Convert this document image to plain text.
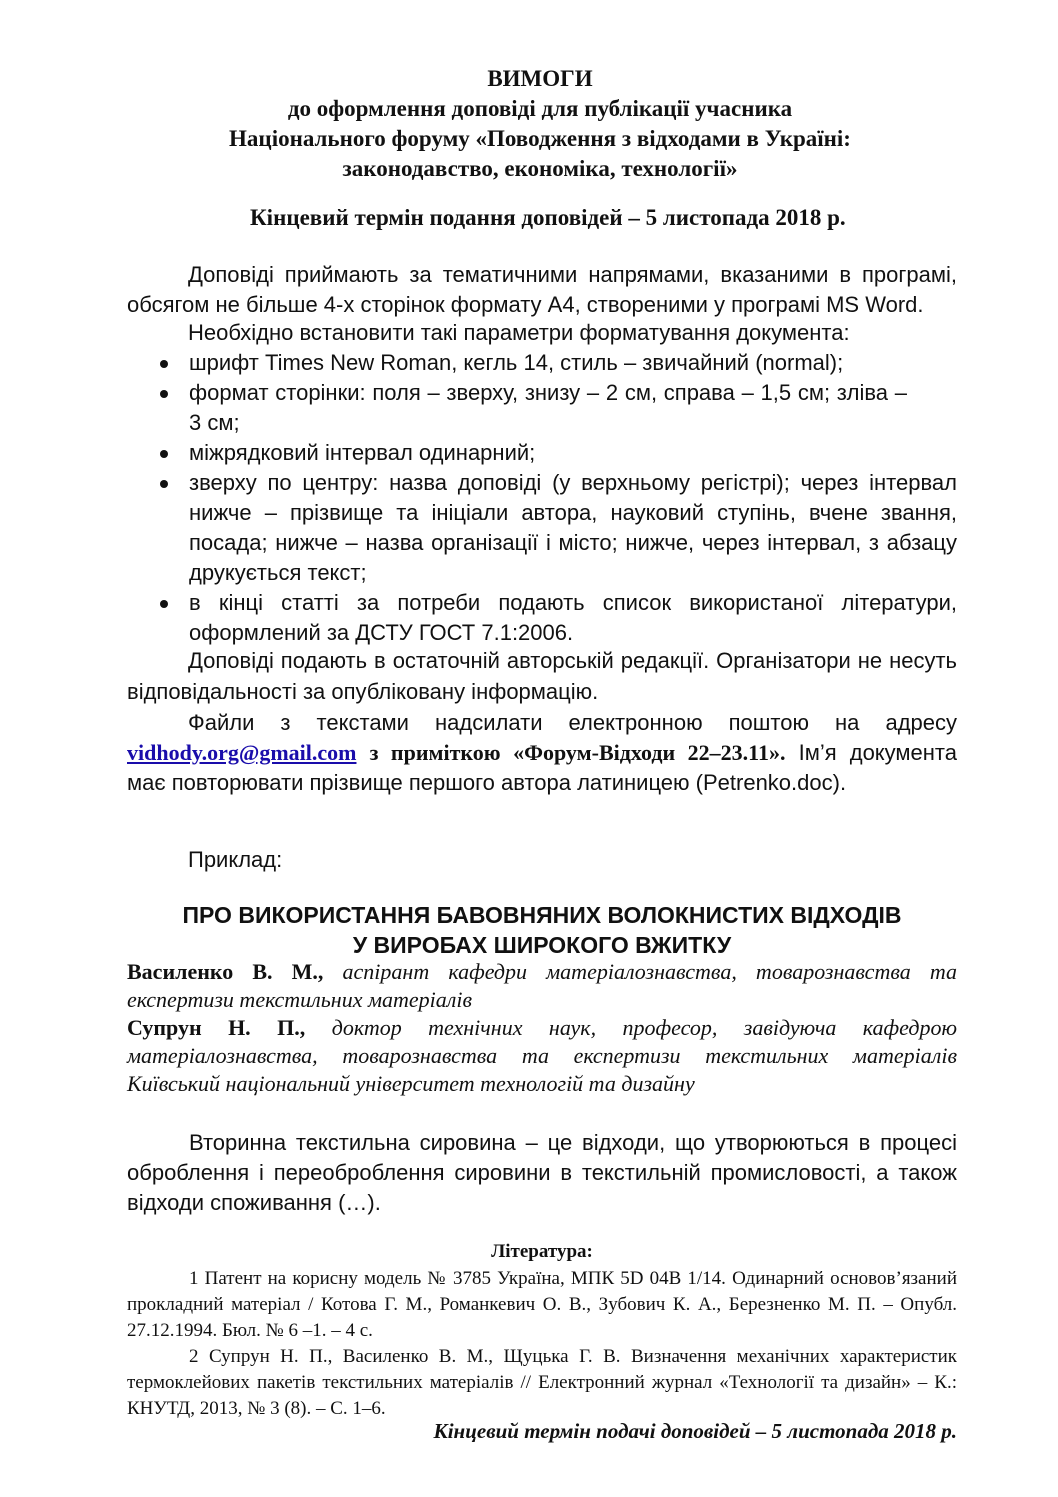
ВИМОГИ
до оформлення доповіді для публікації учасника
Національного форуму «Поводження з відходами в Україні:
законодавство, економіка, технології»
Кінцевий термін подання доповідей – 5 листопада 2018 р.
Доповіді приймають за тематичними напрямами, вказаними в програмі, обсягом не більше 4-х сторінок формату А4, створеними у програмі MS Word.
Необхідно встановити такі параметри форматування документа:
шрифт Times New Roman, кегль 14, стиль – звичайний (normal);
формат сторінки: поля – зверху, знизу – 2 см, справа – 1,5 см; зліва – 3 см;
міжрядковий інтервал одинарний;
зверху по центру: назва доповіді (у верхньому регістрі); через інтервал нижче – прізвище та ініціали автора, науковий ступінь, вчене звання, посада; нижче – назва організації і місто; нижче, через інтервал, з абзацу друкується текст;
в кінці статті за потреби подають список використаної літератури, оформлений за ДСТУ ГОСТ 7.1:2006.
Доповіді подають в остаточній авторській редакції. Організатори не несуть відповідальності за опубліковану інформацію.
Файли з текстами надсилати електронною поштою на адресу vidhody.org@gmail.com з приміткою «Форум-Відходи 22–23.11». Ім’я документа має повторювати прізвище першого автора латиницею (Petrenko.doc).
Приклад:
ПРО ВИКОРИСТАННЯ БАВОВНЯНИХ ВОЛОКНИСТИХ ВІДХОДІВ
У ВИРОБАХ ШИРОКОГО ВЖИТКУ
Василенко В. М., аспірант кафедри матеріалознавства, товарознавства та експертизи текстильних матеріалів
Супрун Н. П., доктор технічних наук, професор, завідуюча кафедрою матеріалознавства, товарознавства та експертизи текстильних матеріалів Київський національний університет технологій та дизайну
Вторинна текстильна сировина – це відходи, що утворюються в процесі оброблення і переоброблення сировини в текстильній промисловості, а також відходи споживання (…).
Література:
1 Патент на корисну модель № 3785 Україна, МПК 5D 04B 1/14. Одинарний основов’язаний прокладний матеріал / Котова Г. М., Романкевич О. В., Зубович К. А., Березненко М. П. – Опубл. 27.12.1994. Бюл. № 6 –1. – 4 с.
2 Супрун Н. П., Василенко В. М., Щуцька Г. В. Визначення механічних характеристик термоклейових пакетів текстильних матеріалів // Електронний журнал «Технології та дизайн» – К.: КНУТД, 2013, № 3 (8). – С. 1–6.
Кінцевий термін подачі доповідей – 5 листопада 2018 р.
